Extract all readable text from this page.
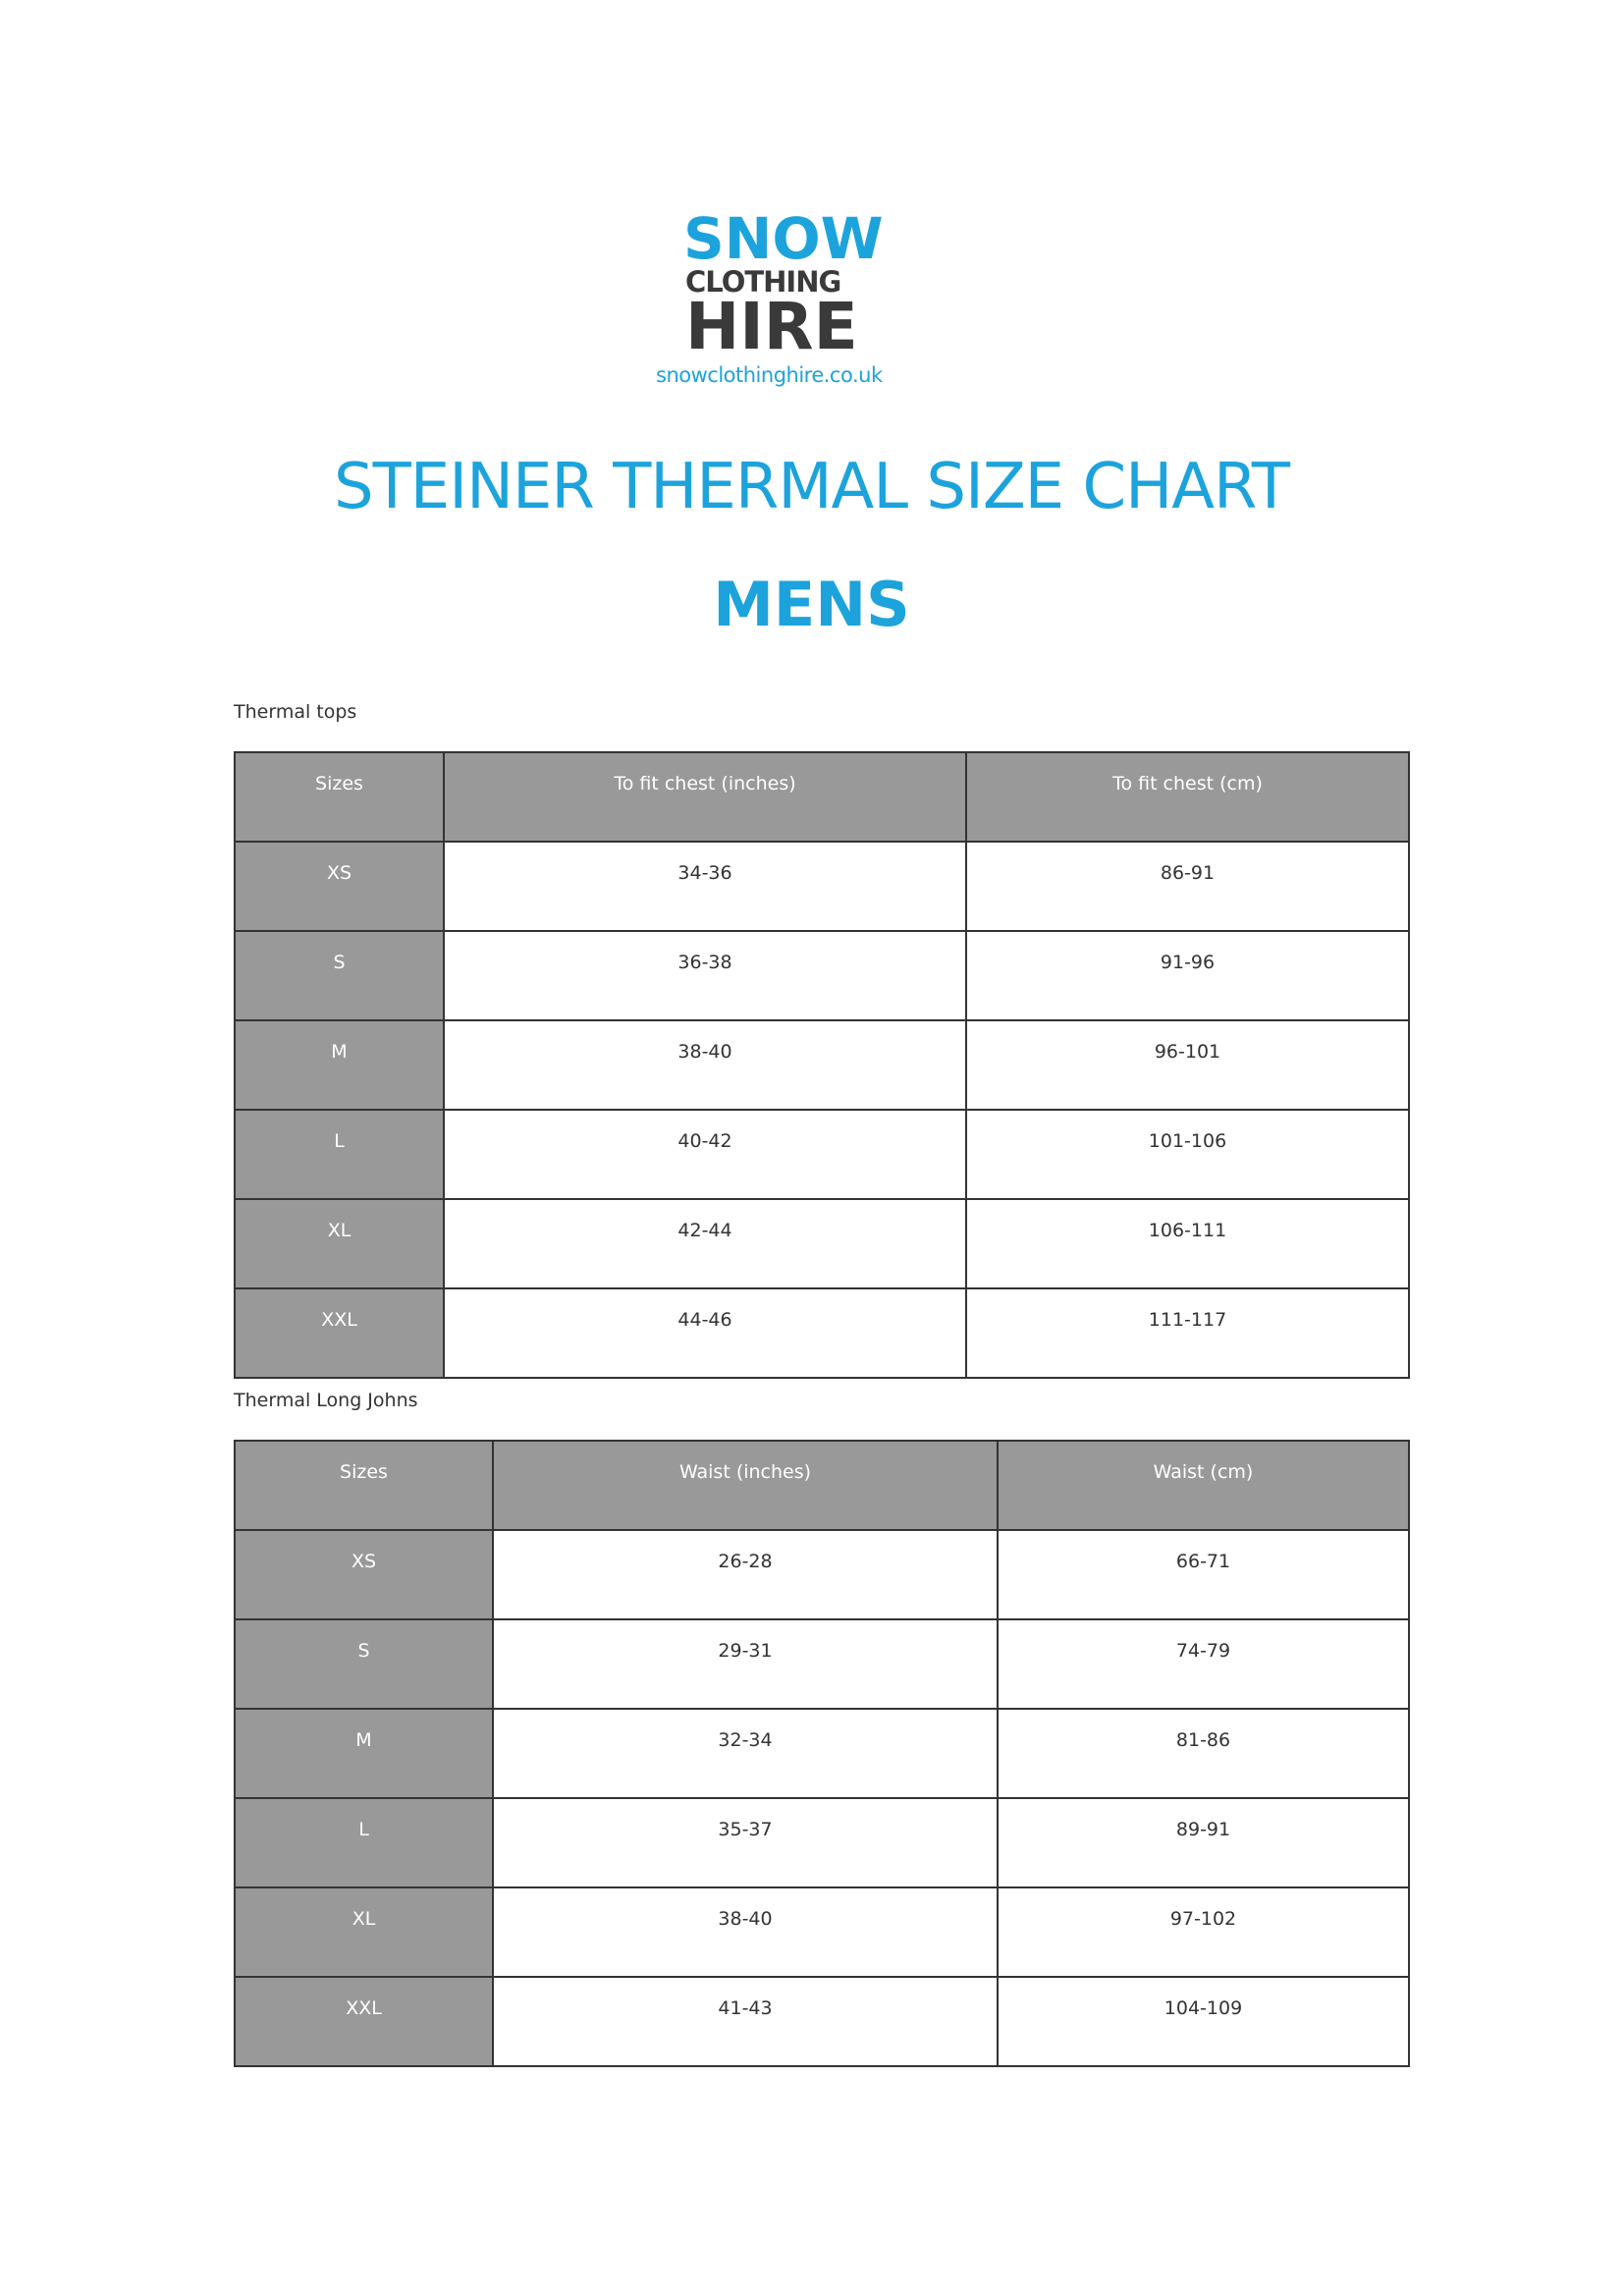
SNOW
CLOTHING
HIRE
snowclothinghire.co.uk
STEINER THERMAL SIZE CHART
MENS
Thermal tops
Sizes	To fit chest (inches)	To fit chest (cm)

XS	34-36	86-91

S	36-38	91-96

M	38-40	96-101

L	40-42	101-106

XL	42-44	106-111

XXL	44-46	111-117
Thermal Long Johns
Sizes	Waist (inches)	Waist (cm)

XS	26-28	66-71

S	29-31	74-79

M	32-34	81-86

L	35-37	89-91

XL	38-40	97-102

XXL	41-43	104-109
